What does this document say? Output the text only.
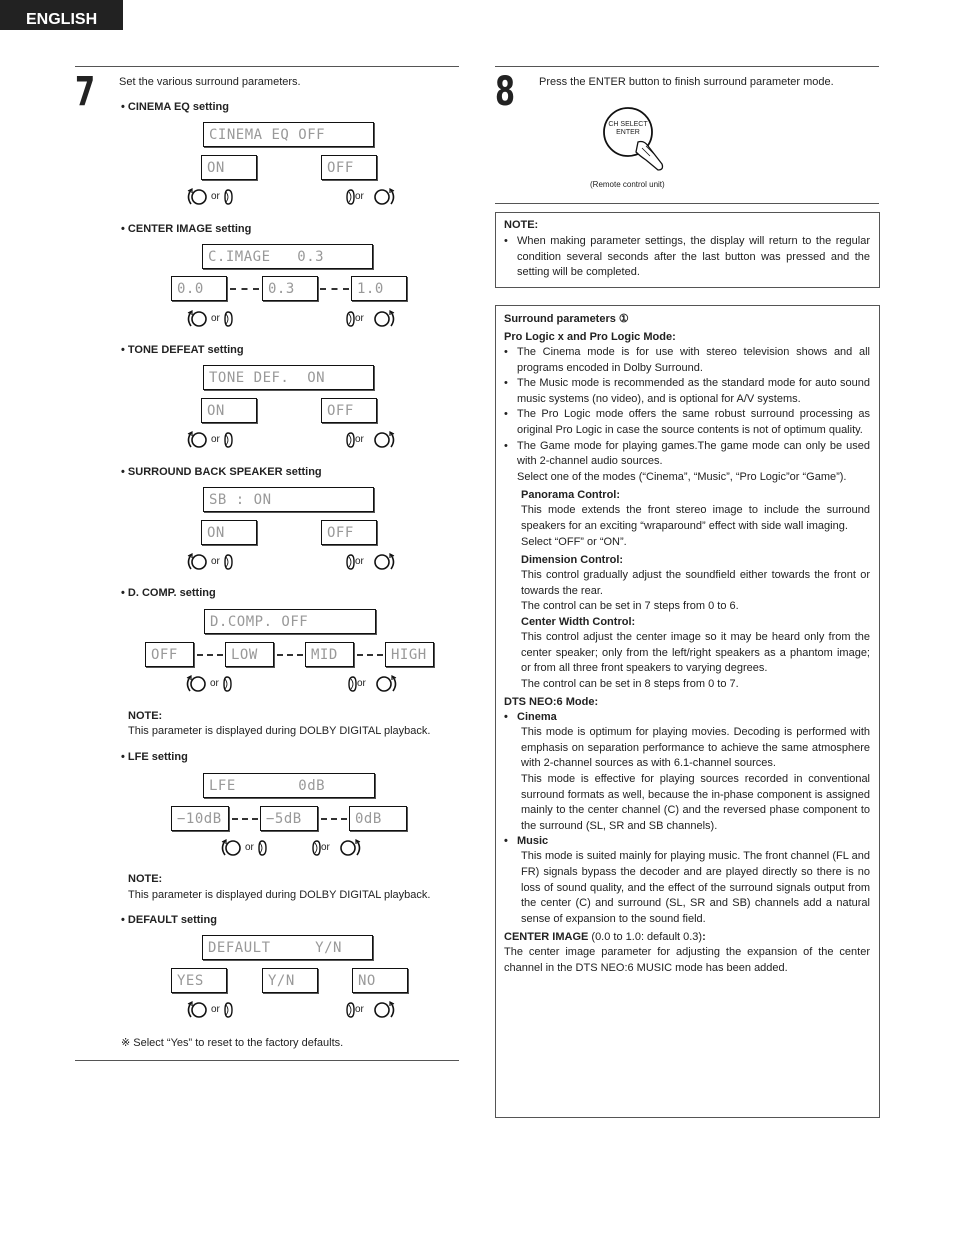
ENGLISH
7 Set the various surround parameters.
• CINEMA EQ setting
CINEMA EQ OFF
ON	OFF
or	or
• CENTER IMAGE setting
C.IMAGE   0.3
0.0	0.3	1.0
or	or
• TONE DEFEAT setting
TONE DEF.  ON
ON	OFF
or	or
• SURROUND BACK SPEAKER setting
SB : ON
ON	OFF
or	or
• D. COMP. setting
D.COMP. OFF
OFF	LOW	MID	HIGH
or	or
NOTE:
This parameter is displayed during DOLBY DIGITAL playback.
• LFE setting
LFE       0dB
−10dB	−5dB	0dB
or	or
NOTE:
This parameter is displayed during DOLBY DIGITAL playback.
• DEFAULT setting
DEFAULT     Y/N
YES	Y/N	NO
or	or
※ Select “Yes” to reset to the factory defaults.
8 Press the ENTER button to finish surround parameter mode.
CH SELECT
ENTER
(Remote control unit)
NOTE:

• When making parameter settings, the display will return to the regular condition several seconds after the last button was pressed and the setting will be completed.

Surround parameters ①
Pro Logic x and Pro Logic Mode:

• The Cinema mode is for use with stereo television shows and all programs encoded in Dolby Surround.

• The Music mode is recommended as the standard mode for auto sound music systems (no video), and is optional for A/V systems.

• The Pro Logic mode offers the same robust surround processing as original Pro Logic in case the source contents is not of optimum quality.

• The Game mode for playing games.The game mode can only be used with 2-channel audio sources.

Select one of the modes (“Cinema”, “Music”, “Pro Logic”or “Game”).

Panorama Control:

This mode extends the front stereo image to include the surround speakers for an exciting “wraparound” effect with side wall imaging.

Select “OFF” or “ON”.

Dimension Control:

This control gradually adjust the soundfield either towards the front or towards the rear.

The control can be set in 7 steps from 0 to 6.

Center Width Control:

This control adjust the center image so it may be heard only from the center speaker; only from the left/right speakers as a phantom image; or from all three front speakers to varying degrees.

The control can be set in 8 steps from 0 to 7.

DTS NEO:6 Mode:
• Cinema

This mode is optimum for playing movies. Decoding is performed with emphasis on separation performance to achieve the same atmosphere with 2-channel sources as with 6.1-channel sources.

This mode is effective for playing sources recorded in conventional surround formats as well, because the in-phase component is assigned mainly to the center channel (C) and the reversed phase component to the surround (SL, SR and SB channels).

• Music

This mode is suited mainly for playing music. The front channel (FL and FR) signals bypass the decoder and are played directly so there is no loss of sound quality, and the effect of the surround signals output from the center (C) and surround (SL, SR and SB) channels add a natural sense of expansion to the sound field.

CENTER IMAGE (0.0 to 1.0: default 0.3):

The center image parameter for adjusting the expansion of the center channel in the DTS NEO:6 MUSIC mode has been added.
